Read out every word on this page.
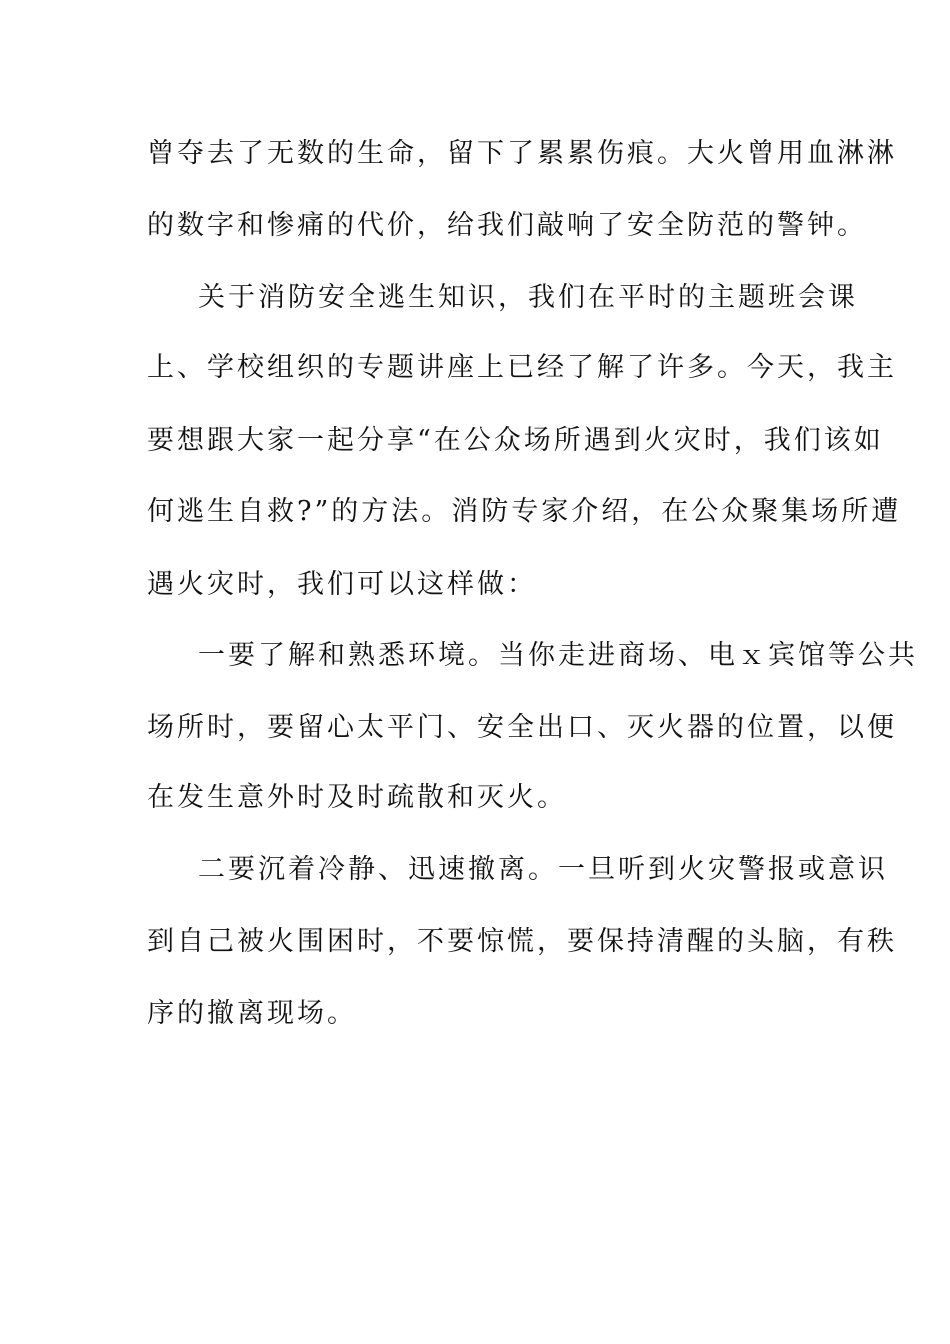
曾夺去了无数的生命，留下了累累伤痕。大火曾用血淋淋
的数字和惨痛的代价，给我们敲响了安全防范的警钟。
关于消防安全逃生知识，我们在平时的主题班会课
上、学校组织的专题讲座上已经了解了许多。今天，我主
要想跟大家一起分享“在公众场所遇到火灾时，我们该如
何逃生自救?”的方法。消防专家介绍，在公众聚集场所遭
遇火灾时，我们可以这样做：
一要了解和熟悉环境。当你走进商场、电ｘ宾馆等公共
场所时，要留心太平门、安全出口、灭火器的位置，以便
在发生意外时及时疏散和灭火。
二要沉着冷静、迅速撤离。一旦听到火灾警报或意识
到自己被火围困时，不要惊慌，要保持清醒的头脑，有秩
序的撤离现场。
